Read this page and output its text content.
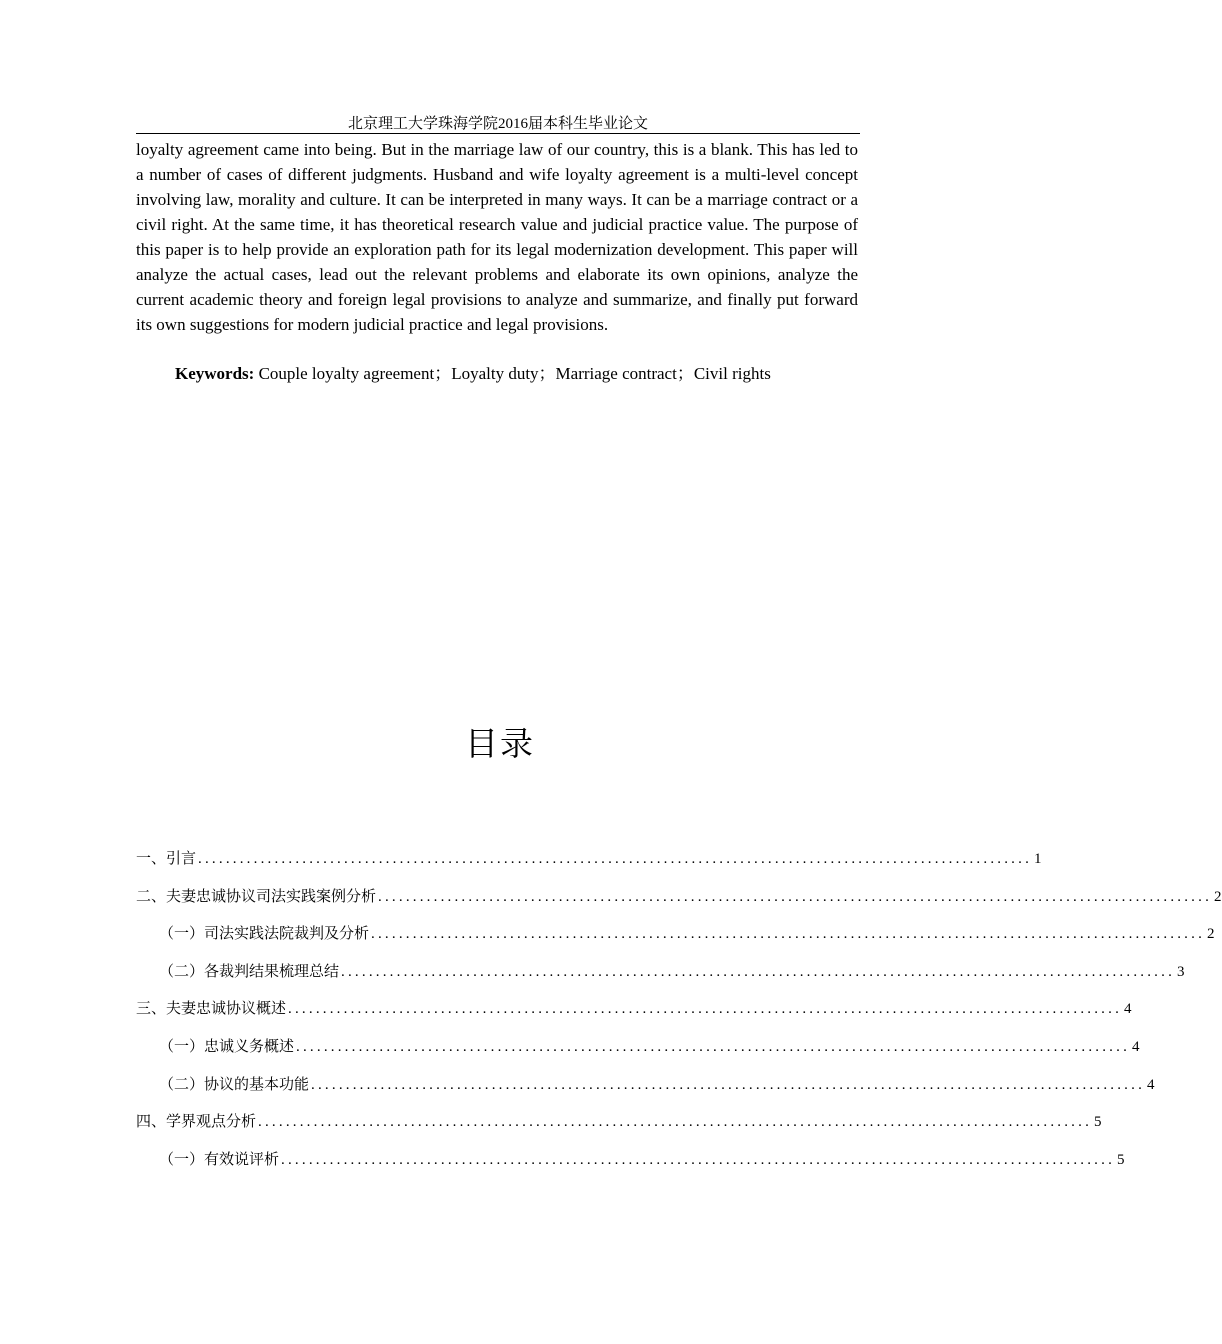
北京理工大学珠海学院2016届本科生毕业论文

loyalty agreement came into being. But in the marriage law of our country, this is a blank. This has led to a number of cases of different judgments. Husband and wife loyalty agreement is a multi-level concept involving law, morality and culture. It can be interpreted in many ways. It can be a marriage contract or a civil right. At the same time, it has theoretical research value and judicial practice value. The purpose of this paper is to help provide an exploration path for its legal modernization development. This paper will analyze the actual cases, lead out the relevant problems and elaborate its own opinions, analyze the current academic theory and foreign legal provisions to analyze and summarize, and finally put forward its own suggestions for modern judicial practice and legal provisions.

Keywords: Couple loyalty agreement；Loyalty duty；Marriage contract；Civil rights
目录
一、引言 ........................................................................................................................ 1
二、夫妻忠诚协议司法实践案例分析 ........................................................................................................................ 2
（一）司法实践法院裁判及分析 ........................................................................................................................ 2
（二）各裁判结果梳理总结 ........................................................................................................................ 3
三、夫妻忠诚协议概述 ........................................................................................................................ 4
（一）忠诚义务概述 ........................................................................................................................ 4
（二）协议的基本功能 ........................................................................................................................ 4
四、学界观点分析 ........................................................................................................................ 5
（一）有效说评析 ........................................................................................................................ 5
